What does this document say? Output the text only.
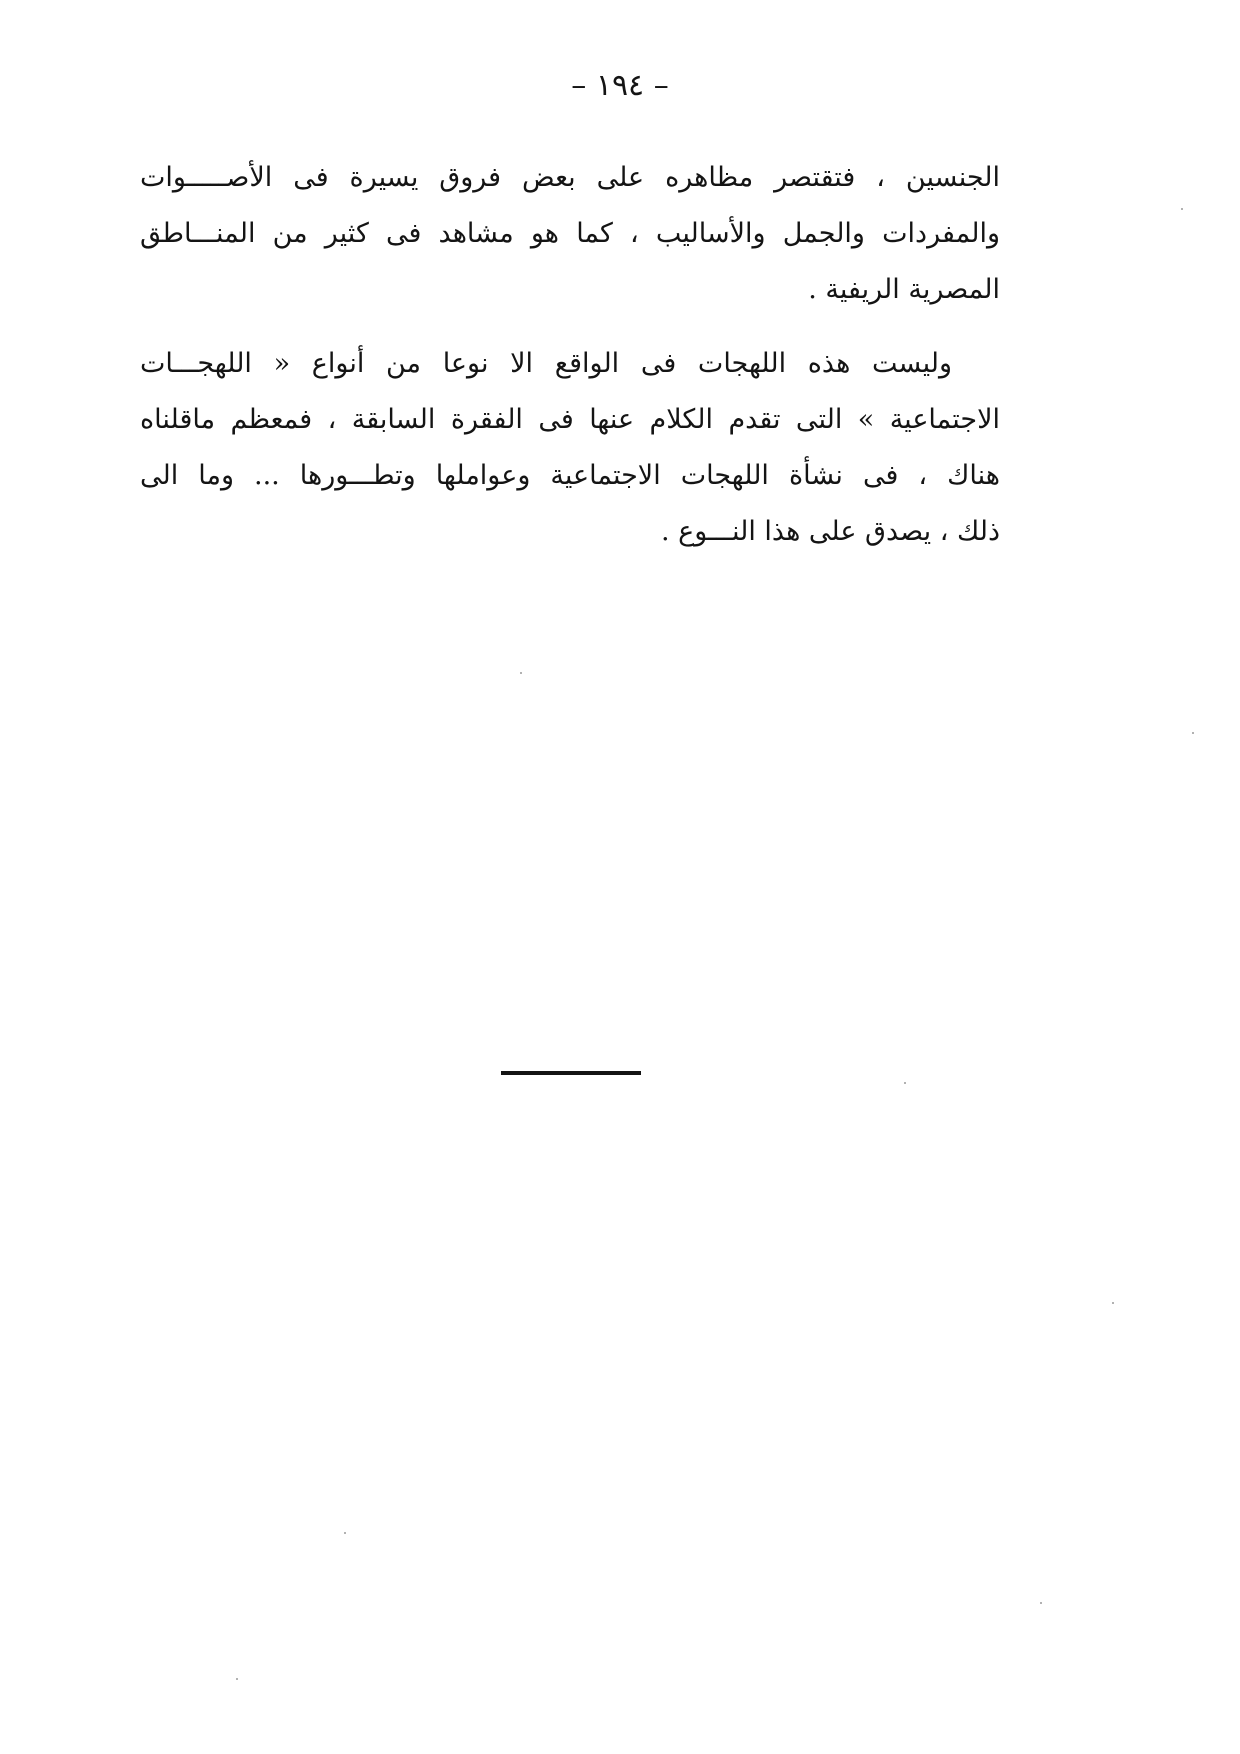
– ١٩٤ –
الجنسين ، فتقتصر مظاهره على بعض فروق يسيرة فى الأصـــــوات
والمفردات والجمل والأساليب ، كما هو مشاهد فى كثير من المنـــاطق
المصرية الريفية .
وليست هذه اللهجات فى الواقع الا نوعا من أنواع « اللهجـــات
الاجتماعية » التى تقدم الكلام عنها فى الفقرة السابقة ، فمعظم ماقلناه
هناك ، فى نشأة اللهجات الاجتماعية وعواملها وتطـــورها ... وما الى
ذلك ، يصدق على هذا النـــوع .
